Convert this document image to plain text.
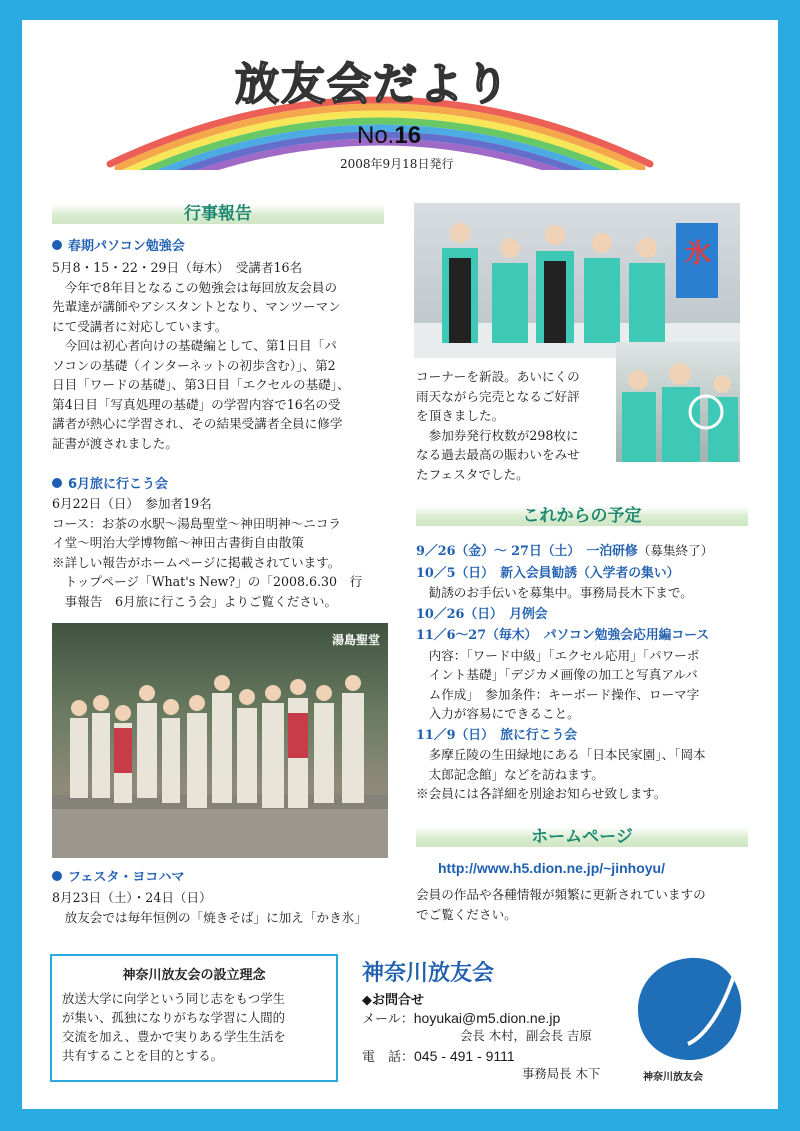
放友会だより
No.16
2008年9月18日発行
行事報告
春期パソコン勉強会

5月8・15・22・29日（毎木）　受講者16名

　今年で8年目となるこの勉強会は毎回放友会員の

先輩達が講師やアシスタントとなり、マンツーマン

にて受講者に対応しています。

　今回は初心者向けの基礎編として、第1日目「パ

ソコンの基礎（インターネットの初歩含む）」、第2

日目「ワードの基礎」、第3日目「エクセルの基礎」、

第4日目「写真処理の基礎」の学習内容で16名の受

講者が熱心に学習され、その結果受講者全員に修学

証書が渡されました。

6月旅に行こう会

6月22日（日）　参加者19名

コース：お茶の水駅〜湯島聖堂〜神田明神〜ニコラ

イ堂〜明治大学博物館〜神田古書街自由散策

※詳しい報告がホームページに掲載されています。

　トップページ「What's New?」の「2008.6.30　行

　事報告　6月旅に行こう会」よりご覧ください。

湯島聖堂
フェスタ・ヨコハマ

8月23日（土）・24日（日）

　放友会では毎年恒例の「焼きそば」に加え「かき氷」

氷

コーナーを新設。あいにくの

雨天ながら完売となるご好評

を頂きました。

　参加券発行枚数が298枚に

なる過去最高の賑わいをみせ

たフェスタでした。

これからの予定

9／26（金）〜 27日（土）　一泊研修（募集終了）

10／5（日）　新入会員勧誘（入学者の集い）

　勧誘のお手伝いを募集中。事務局長木下まで。

10／26（日）　月例会

11／6〜27（毎木）　パソコン勉強会応用編コース

　内容：「ワード中級」「エクセル応用」「パワーポ

　イント基礎」「デジカメ画像の加工と写真アルバ

　ム作成」　参加条件：キーボード操作、ローマ字

　入力が容易にできること。

11／9（日）　旅に行こう会

　多摩丘陵の生田緑地にある「日本民家園」、「岡本

　太郎記念館」などを訪ねます。

※会員には各詳細を別途お知らせ致します。

ホームページ
http://www.h5.dion.ne.jp/~jinhoyu/

会員の作品や各種情報が頻繁に更新されていますの

でご覧ください。

神奈川放友会の設立理念

放送大学に向学という同じ志をもつ学生

が集い、孤独になりがちな学習に人間的

交流を加え、豊かで実りある学生生活を

共有することを目的とする。

神奈川放友会
◆お問合せ
メール：hoyukai@m5.dion.ne.jp
会長 木村，副会長 吉原
電　話：045 - 491 - 9111
事務局長 木下	神奈川放友会
